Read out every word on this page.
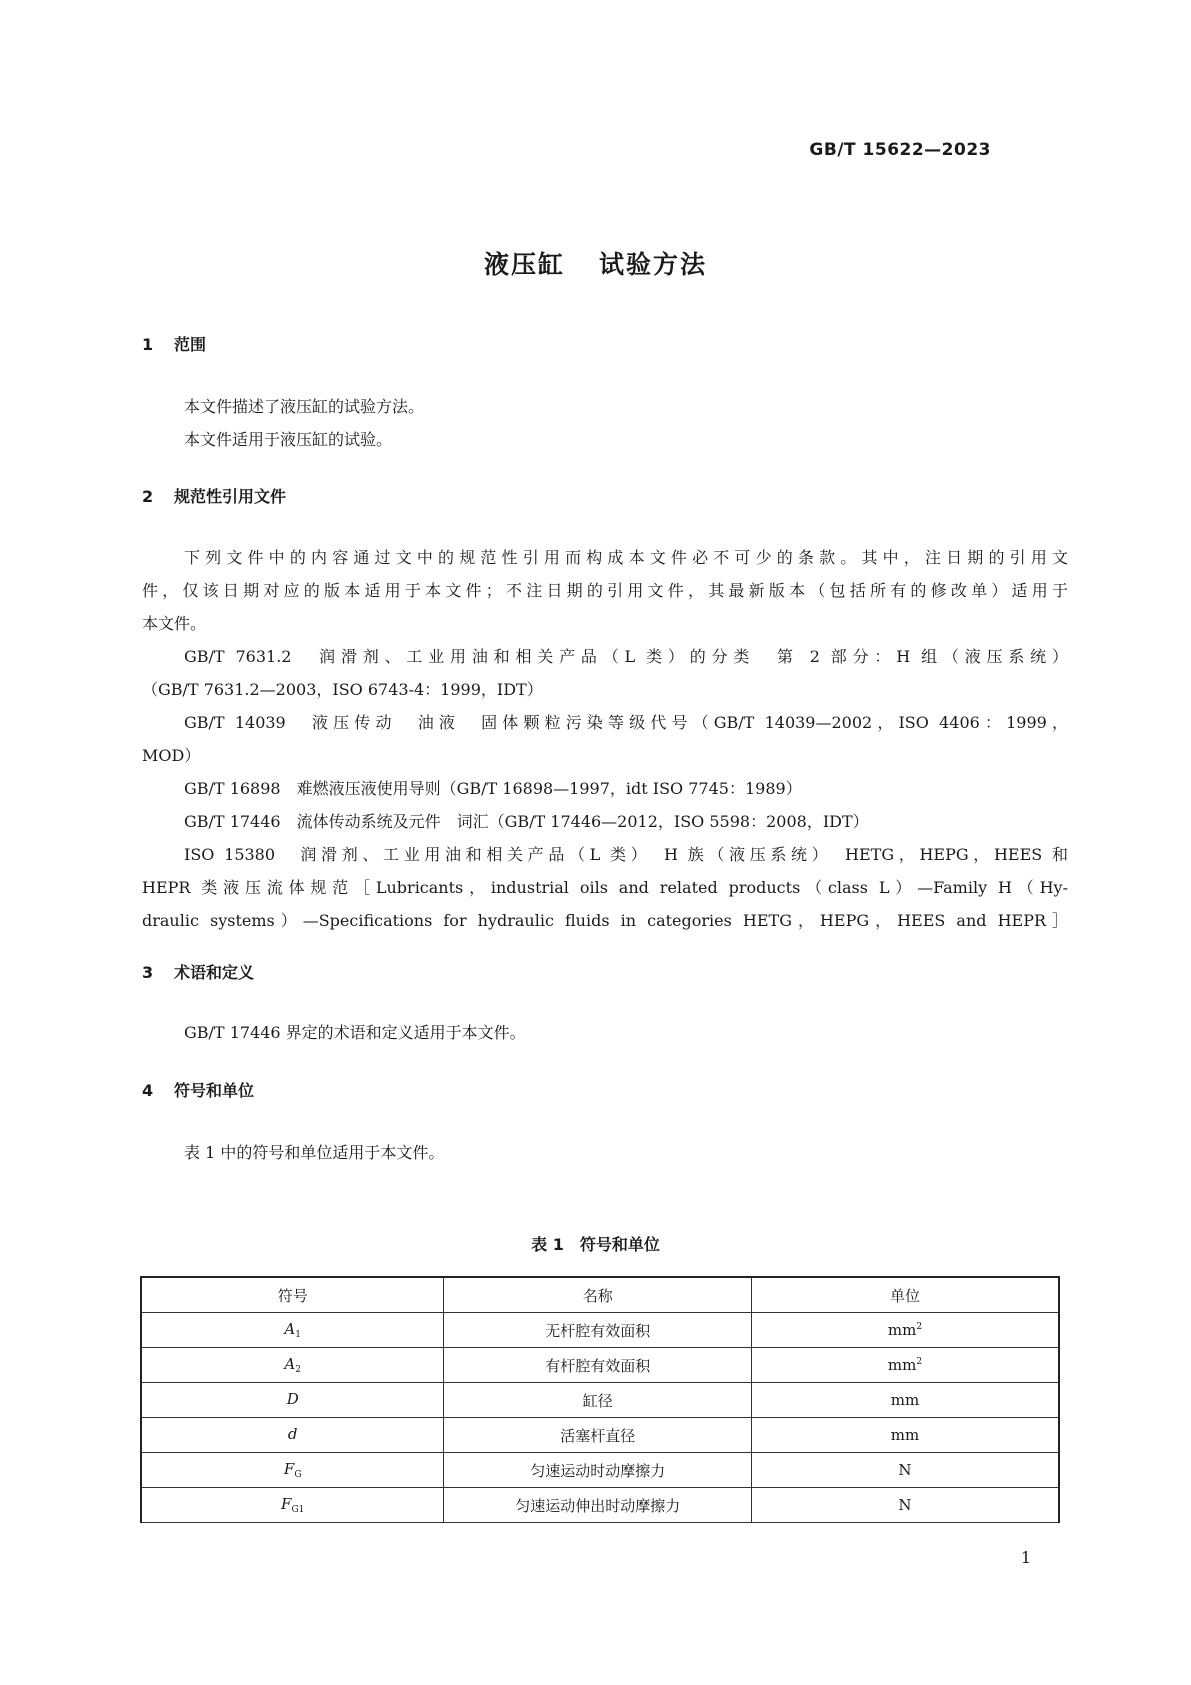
GB/T 15622—2023
液压缸 试验方法
1 范围
本文件描述了液压缸的试验方法。
本文件适用于液压缸的试验。
2 规范性引用文件
下列文件中的内容通过文中的规范性引用而构成本文件必不可少的条款。其中，注日期的引用文
件，仅该日期对应的版本适用于本文件；不注日期的引用文件，其最新版本（包括所有的修改单）适用于
本文件。
GB/T 7631.2　润滑剂、工业用油和相关产品（L 类）的分类　第 2 部分：H 组（液压系统）
（GB/T 7631.2—2003，ISO 6743-4：1999，IDT）
GB/T 14039　液压传动　油液　固体颗粒污染等级代号（GB/T 14039—2002，ISO 4406：1999，
MOD）
GB/T 16898　难燃液压液使用导则（GB/T 16898—1997，idt ISO 7745：1989）
GB/T 17446　流体传动系统及元件　词汇（GB/T 17446—2012，ISO 5598：2008，IDT）
ISO 15380　润滑剂、工业用油和相关产品（L 类）　H 族（液压系统）　HETG，HEPG，HEES 和
HEPR 类液压流体规范［Lubricants，industrial oils and related products（class L）—Family H（Hy-
draulic systems）—Specifications for hydraulic fluids in categories HETG，HEPG，HEES and HEPR］
3 术语和定义
GB/T 17446 界定的术语和定义适用于本文件。
4 符号和单位
表 1 中的符号和单位适用于本文件。
表 1　符号和单位
符号	名称	单位
$A_1$	无杆腔有效面积	$mm^2$
$A_2$	有杆腔有效面积	$mm^2$
D	缸径	mm
d	活塞杆直径	mm
$F_G$	匀速运动时动摩擦力	N
$F_{G1}$	匀速运动伸出时动摩擦力	N
1
